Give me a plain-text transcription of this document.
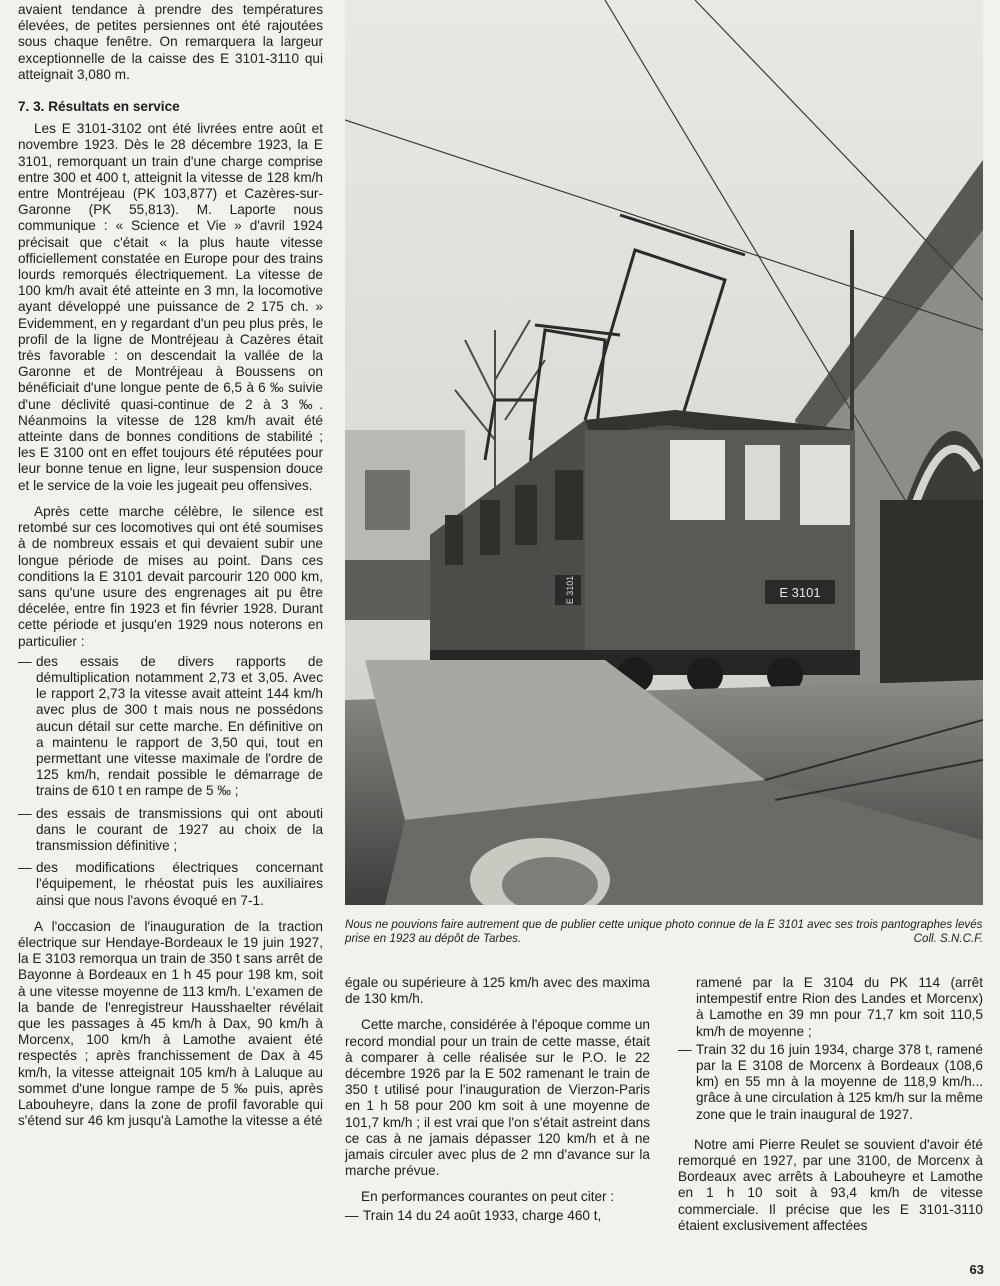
avaient tendance à prendre des températures élevées, de petites persiennes ont été rajoutées sous chaque fenêtre. On remarquera la largeur exceptionnelle de la caisse des E 3101-3110 qui atteignait 3,080 m.

7. 3. Résultats en service

Les E 3101-3102 ont été livrées entre août et novembre 1923. Dès le 28 décembre 1923, la E 3101, remorquant un train d'une charge comprise entre 300 et 400 t, atteignit la vitesse de 128 km/h entre Montréjeau (PK 103,877) et Cazères-sur-Garonne (PK 55,813). M. Laporte nous communique : « Science et Vie » d'avril 1924 précisait que c'était « la plus haute vitesse officiellement constatée en Europe pour des trains lourds remorqués électriquement. La vitesse de 100 km/h avait été atteinte en 3 mn, la locomotive ayant développé une puissance de 2 175 ch. » Evidemment, en y regardant d'un peu plus près, le profil de la ligne de Montréjeau à Cazères était très favorable : on descendait la vallée de la Garonne et de Montréjeau à Boussens on bénéficiait d'une longue pente de 6,5 à 6 ‰ suivie d'une déclivité quasi-continue de 2 à 3 ‰. Néanmoins la vitesse de 128 km/h avait été atteinte dans de bonnes conditions de stabilité ; les E 3100 ont en effet toujours été réputées pour leur bonne tenue en ligne, leur suspension douce et le service de la voie les jugeait peu offensives.

Après cette marche célèbre, le silence est retombé sur ces locomotives qui ont été soumises à de nombreux essais et qui devaient subir une longue période de mises au point. Dans ces conditions la E 3101 devait parcourir 120 000 km, sans qu'une usure des engrenages ait pu être décelée, entre fin 1923 et fin février 1928. Durant cette période et jusqu'en 1929 nous noterons en particulier :

— des essais de divers rapports de démultiplication notamment 2,73 et 3,05. Avec le rapport 2,73 la vitesse avait atteint 144 km/h avec plus de 300 t mais nous ne possédons aucun détail sur cette marche. En définitive on a maintenu le rapport de 3,50 qui, tout en permettant une vitesse maximale de l'ordre de 125 km/h, rendait possible le démarrage de trains de 610 t en rampe de 5 ‰ ;
— des essais de transmissions qui ont abouti dans le courant de 1927 au choix de la transmission définitive ;
— des modifications électriques concernant l'équipement, le rhéostat puis les auxiliaires ainsi que nous l'avons évoqué en 7-1.

A l'occasion de l'inauguration de la traction électrique sur Hendaye-Bordeaux le 19 juin 1927, la E 3103 remorqua un train de 350 t sans arrêt de Bayonne à Bordeaux en 1 h 45 pour 198 km, soit à une vitesse moyenne de 113 km/h. L'examen de la bande de l'enregistreur Hausshaelter révélait que les passages à 45 km/h à Dax, 90 km/h à Morcenx, 100 km/h à Lamothe avaient été respectés ; après franchissement de Dax à 45 km/h, la vitesse atteignait 105 km/h à Laluque au sommet d'une longue rampe de 5 ‰ puis, après Labouheyre, dans la zone de profil favorable qui s'étend sur 46 km jusqu'à Lamothe la vitesse a été

E 3101	E 3101
Nous ne pouvions faire autrement que de publier cette unique photo connue de la E 3101 avec ses trois pantographes levés prise en 1923 au dépôt de Tarbes.	Coll. S.N.C.F.

égale ou supérieure à 125 km/h avec des maxima de 130 km/h.

Cette marche, considérée à l'époque comme un record mondial pour un train de cette masse, était à comparer à celle réalisée sur le P.O. le 22 décembre 1926 par la E 502 ramenant le train de 350 t utilisé pour l'inauguration de Vierzon-Paris en 1 h 58 pour 200 km soit à une moyenne de 101,7 km/h ; il est vrai que l'on s'était astreint dans ce cas à ne jamais dépasser 120 km/h et à ne jamais circuler avec plus de 2 mn d'avance sur la marche prévue.

En performances courantes on peut citer :

— Train 14 du 24 août 1933, charge 460 t,

ramené par la E 3104 du PK 114 (arrêt intempestif entre Rion des Landes et Morcenx) à Lamothe en 39 mn pour 71,7 km soit 110,5 km/h de moyenne ;

— Train 32 du 16 juin 1934, charge 378 t, ramené par la E 3108 de Morcenx à Bordeaux (108,6 km) en 55 mn à la moyenne de 118,9 km/h... grâce à une circulation à 125 km/h sur la même zone que le train inaugural de 1927.

Notre ami Pierre Reulet se souvient d'avoir été remorqué en 1927, par une 3100, de Morcenx à Bordeaux avec arrêts à Labouheyre et Lamothe en 1 h 10 soit à 93,4 km/h de vitesse commerciale. Il précise que les E 3101-3110 étaient exclusivement affectées

63
